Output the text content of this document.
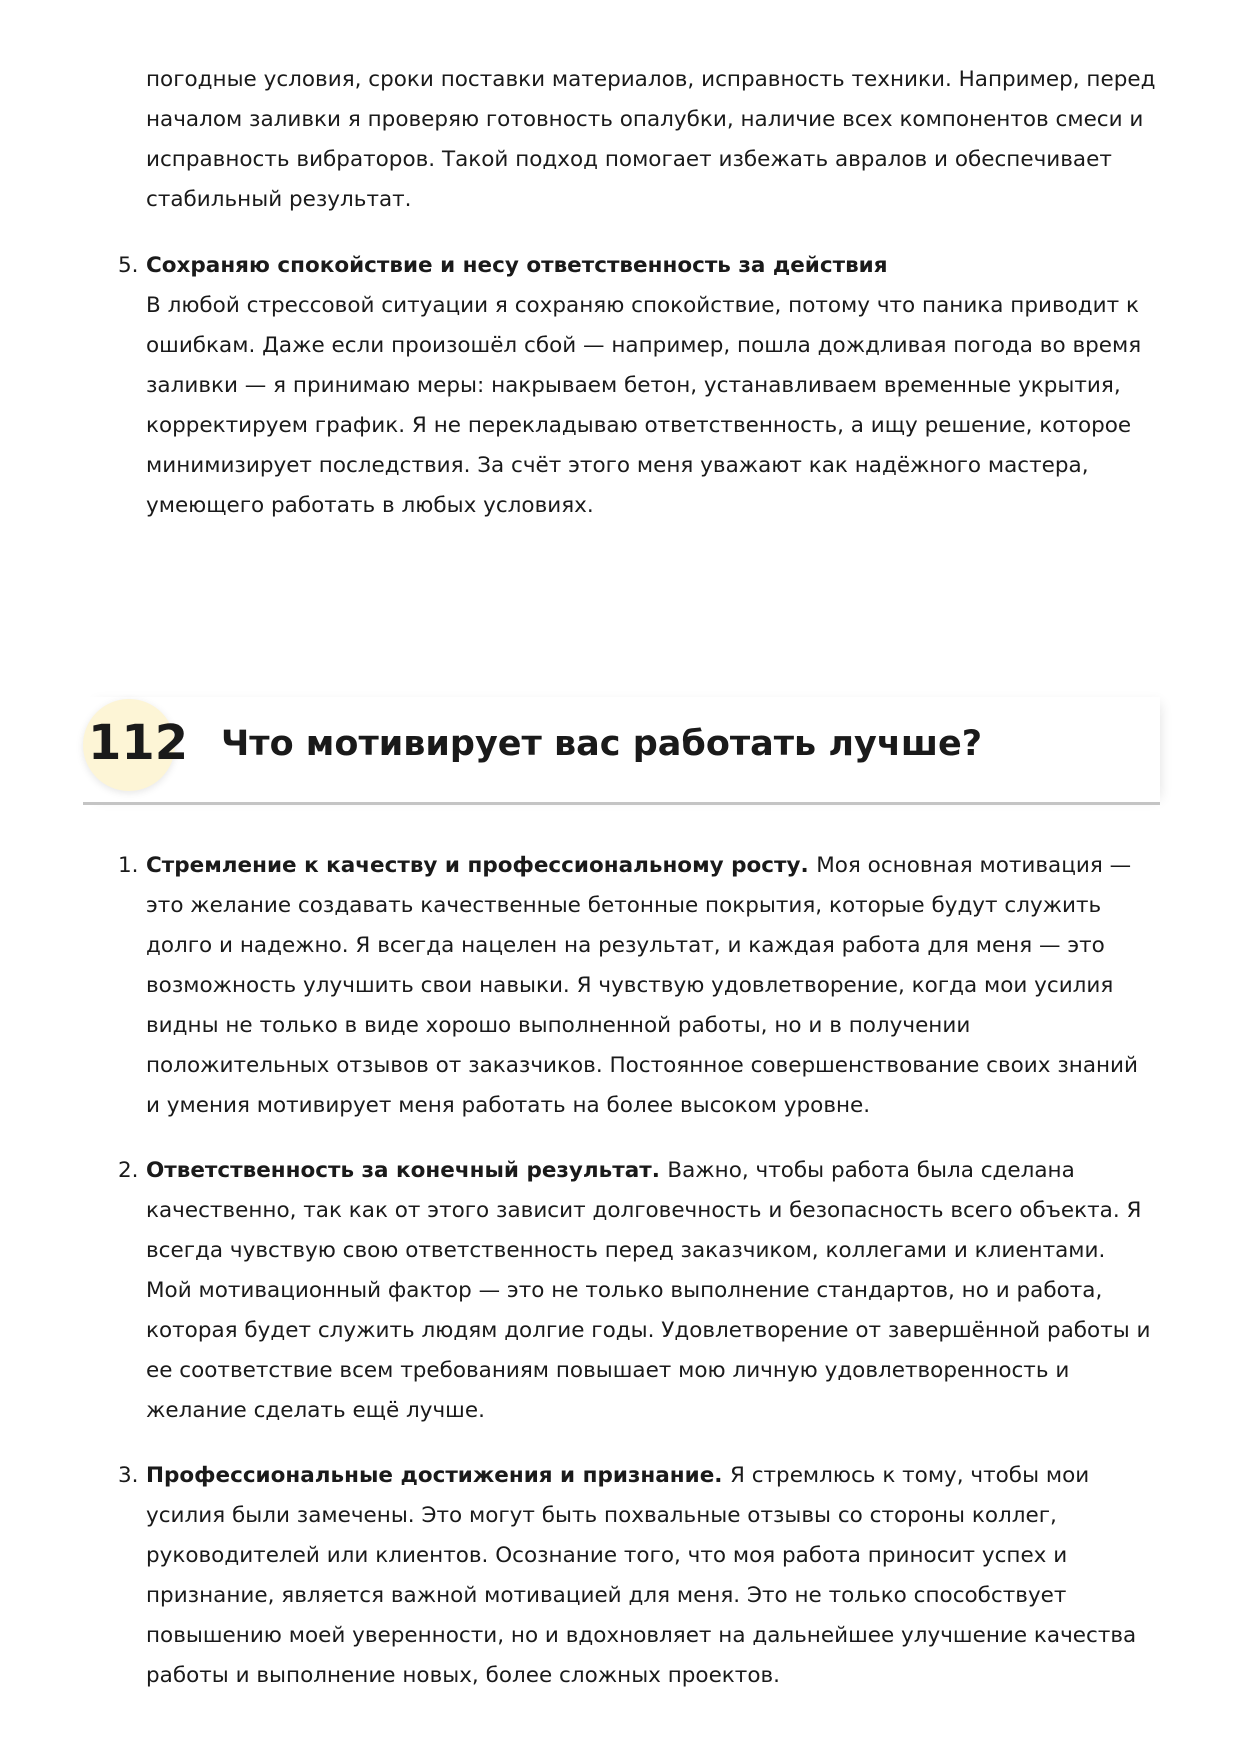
погодные условия, сроки поставки материалов, исправность техники. Например, перед началом заливки я проверяю готовность опалубки, наличие всех компонентов смеси и исправность вибраторов. Такой подход помогает избежать авралов и обеспечивает стабильный результат.
5. Сохраняю спокойствие и несу ответственность за действия
В любой стрессовой ситуации я сохраняю спокойствие, потому что паника приводит к ошибкам. Даже если произошёл сбой — например, пошла дождливая погода во время заливки — я принимаю меры: накрываем бетон, устанавливаем временные укрытия, корректируем график. Я не перекладываю ответственность, а ищу решение, которое минимизирует последствия. За счёт этого меня уважают как надёжного мастера, умеющего работать в любых условиях.
112 Что мотивирует вас работать лучше?
1. Стремление к качеству и профессиональному росту. Моя основная мотивация — это желание создавать качественные бетонные покрытия, которые будут служить долго и надежно. Я всегда нацелен на результат, и каждая работа для меня — это возможность улучшить свои навыки. Я чувствую удовлетворение, когда мои усилия видны не только в виде хорошо выполненной работы, но и в получении положительных отзывов от заказчиков. Постоянное совершенствование своих знаний и умения мотивирует меня работать на более высоком уровне.
2. Ответственность за конечный результат. Важно, чтобы работа была сделана качественно, так как от этого зависит долговечность и безопасность всего объекта. Я всегда чувствую свою ответственность перед заказчиком, коллегами и клиентами. Мой мотивационный фактор — это не только выполнение стандартов, но и работа, которая будет служить людям долгие годы. Удовлетворение от завершённой работы и ее соответствие всем требованиям повышает мою личную удовлетворенность и желание сделать ещё лучше.
3. Профессиональные достижения и признание. Я стремлюсь к тому, чтобы мои усилия были замечены. Это могут быть похвальные отзывы со стороны коллег, руководителей или клиентов. Осознание того, что моя работа приносит успех и признание, является важной мотивацией для меня. Это не только способствует повышению моей уверенности, но и вдохновляет на дальнейшее улучшение качества работы и выполнение новых, более сложных проектов.
